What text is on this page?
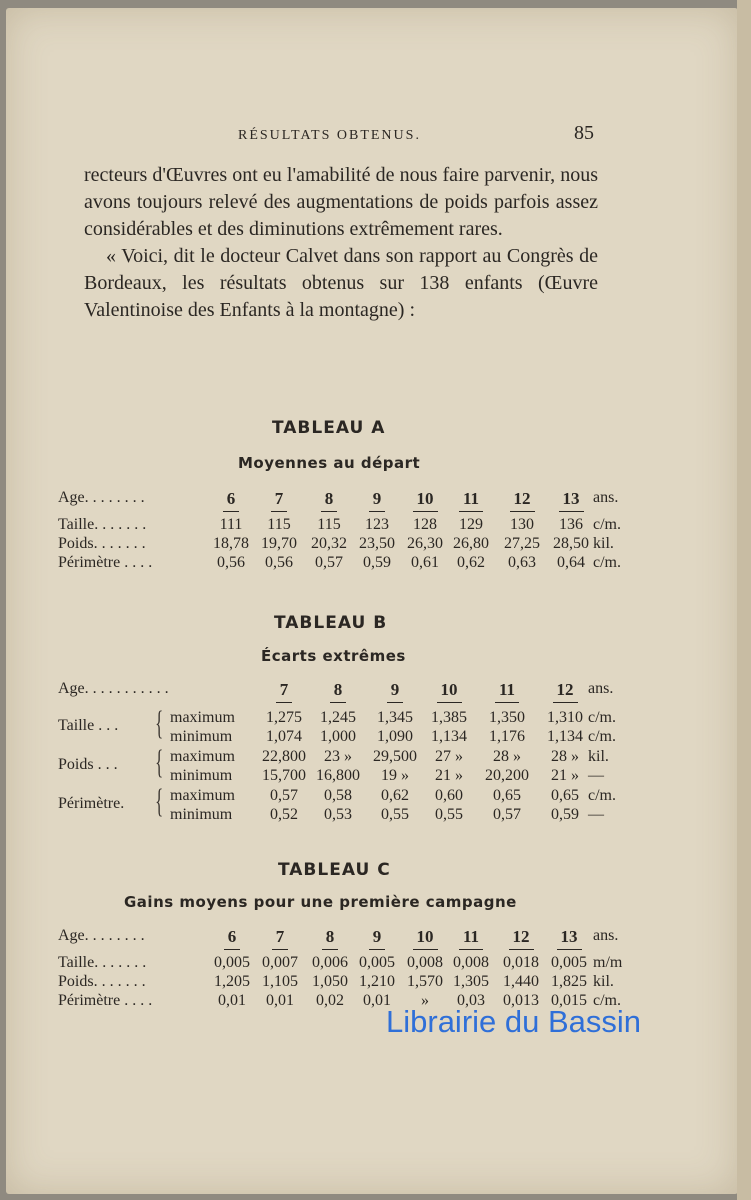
RÉSULTATS OBTENUS.	85

recteurs d'Œuvres ont eu l'amabilité de nous faire parvenir, nous avons toujours relevé des augmentations de poids parfois assez considérables et des diminutions extrêmement rares.

« Voici, dit le docteur Calvet dans son rapport au Congrès de Bordeaux, les résultats obtenus sur 138 enfants (Œuvre Valentinoise des Enfants à la montagne) :

TABLEAU A
Moyennes au départ
Age. . . . . . . .	6	7	8	9	10	11	12	13 ans.
Taille. . . . . . .	111	115	115	123	128	129	130	136 c/m.
Poids. . . . . . .	18,78 19,70 20,32 23,50 26,30 26,80 27,25 28,50 kil.
Périmètre . . . .	0,56	0,56	0,57	0,59	0,61	0,62	0,63	0,64 c/m.
TABLEAU B
Écarts extrêmes
Age. . . . . . . . . . .	7	8	9	10	11	12 ans.
Taille . . . { maximum	1,275	1,245	1,345	1,385	1,350	1,310 c/m.
minimum	1,074	1,000	1,090	1,134	1,176	1,134 c/m.
Poids . . . { maximum	22,800	23 »	29,500	27 »	28 »	28 » kil.
minimum	15,700 16,800	19 »	21 »	20,200	21 » —
Périmètre. { maximum	0,57	0,58	0,62	0,60	0,65	0,65 c/m.
minimum	0,52	0,53	0,55	0,55	0,57	0,59 —
TABLEAU C
Gains moyens pour une première campagne
Age. . . . . . . .	6	7	8	9	10	11	12	13 ans.
Taille. . . . . . .	0,005 0,007 0,006 0,005 0,008 0,008 0,018 0,005 m/m
Poids. . . . . . .	1,205 1,105 1,050 1,210 1,570 1,305 1,440 1,825 kil.
Périmètre . . . .	0,01	0,01	0,02	0,01	»	0,03	0,013 0,015 c/m.
Librairie du Bassin
